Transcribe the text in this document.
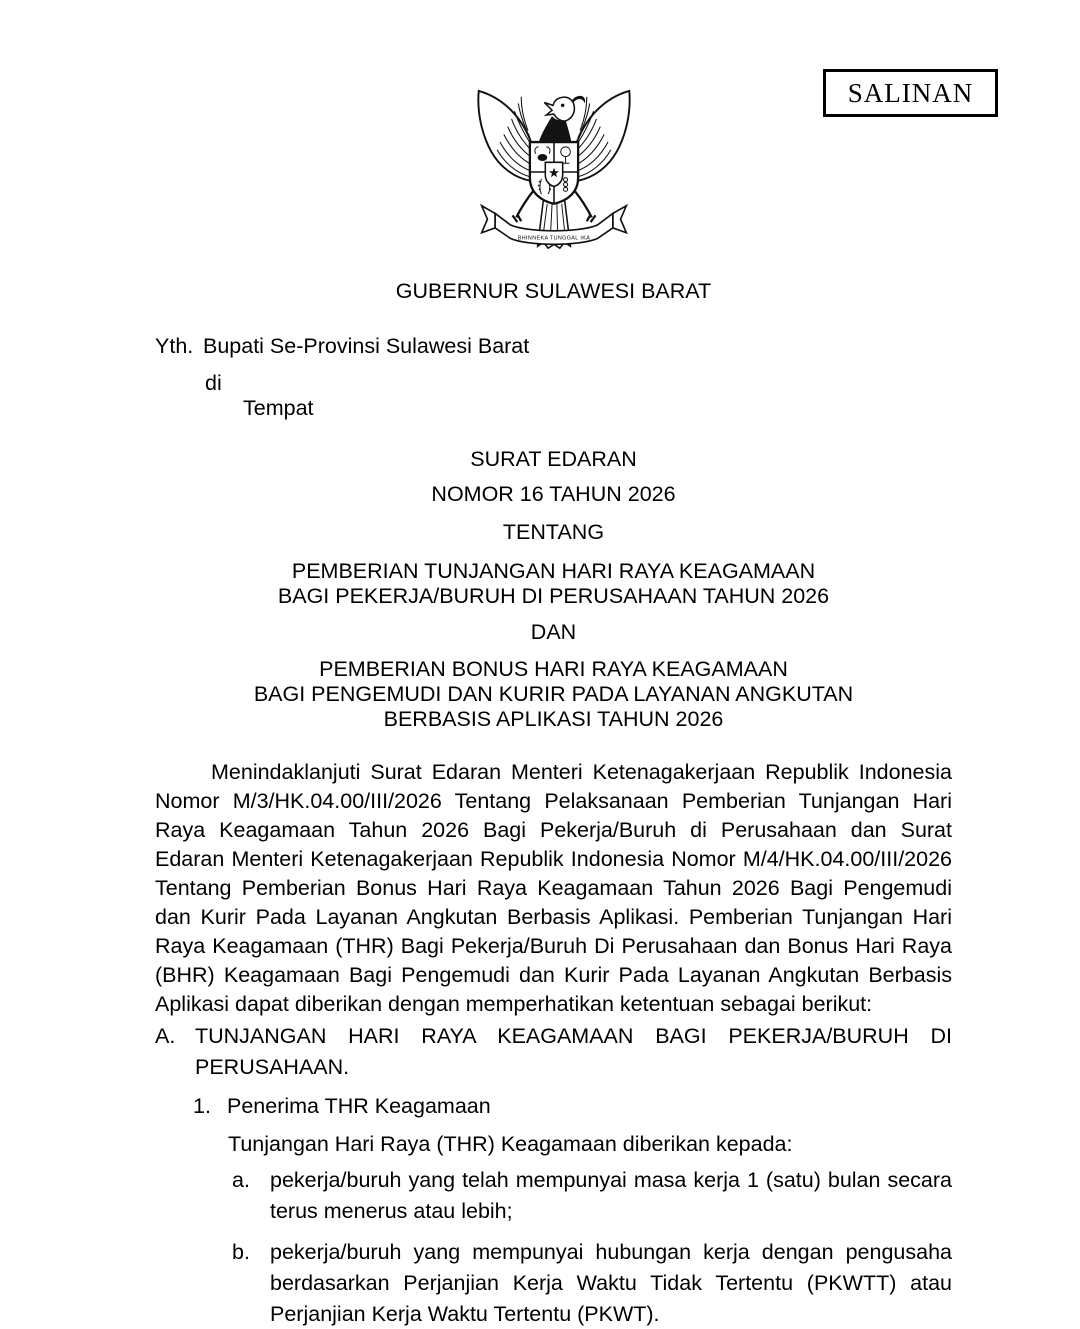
SALINAN
BHINNEKA TUNGGAL IKA
GUBERNUR SULAWESI BARAT
Yth. Bupati Se-Provinsi Sulawesi Barat
di
Tempat
SURAT EDARAN
NOMOR 16 TAHUN 2026
TENTANG
PEMBERIAN TUNJANGAN HARI RAYA KEAGAMAAN
BAGI PEKERJA/BURUH DI PERUSAHAAN TAHUN 2026
DAN
PEMBERIAN BONUS HARI RAYA KEAGAMAAN
BAGI PENGEMUDI DAN KURIR PADA LAYANAN ANGKUTAN
BERBASIS APLIKASI TAHUN 2026

Menindaklanjuti Surat Edaran Menteri Ketenagakerjaan Republik Indonesia Nomor M/3/HK.04.00/III/2026 Tentang Pelaksanaan Pemberian Tunjangan Hari Raya Keagamaan Tahun 2026 Bagi Pekerja/Buruh di Perusahaan dan Surat Edaran Menteri Ketenagakerjaan Republik Indonesia Nomor M/4/HK.04.00/III/2026 Tentang Pemberian Bonus Hari Raya Keagamaan Tahun 2026 Bagi Pengemudi dan Kurir Pada Layanan Angkutan Berbasis Aplikasi. Pemberian Tunjangan Hari Raya Keagamaan (THR) Bagi Pekerja/Buruh Di Perusahaan dan Bonus Hari Raya (BHR) Keagamaan Bagi Pengemudi dan Kurir Pada Layanan Angkutan Berbasis Aplikasi dapat diberikan dengan memperhatikan ketentuan sebagai berikut:

A. TUNJANGAN HARI RAYA KEAGAMAAN BAGI PEKERJA/BURUH DI PERUSAHAAN.
1. Penerima THR Keagamaan
Tunjangan Hari Raya (THR) Keagamaan diberikan kepada:
a. pekerja/buruh yang telah mempunyai masa kerja 1 (satu) bulan secara terus menerus atau lebih;
b. pekerja/buruh yang mempunyai hubungan kerja dengan pengusaha berdasarkan Perjanjian Kerja Waktu Tidak Tertentu (PKWTT) atau Perjanjian Kerja Waktu Tertentu (PKWT).
